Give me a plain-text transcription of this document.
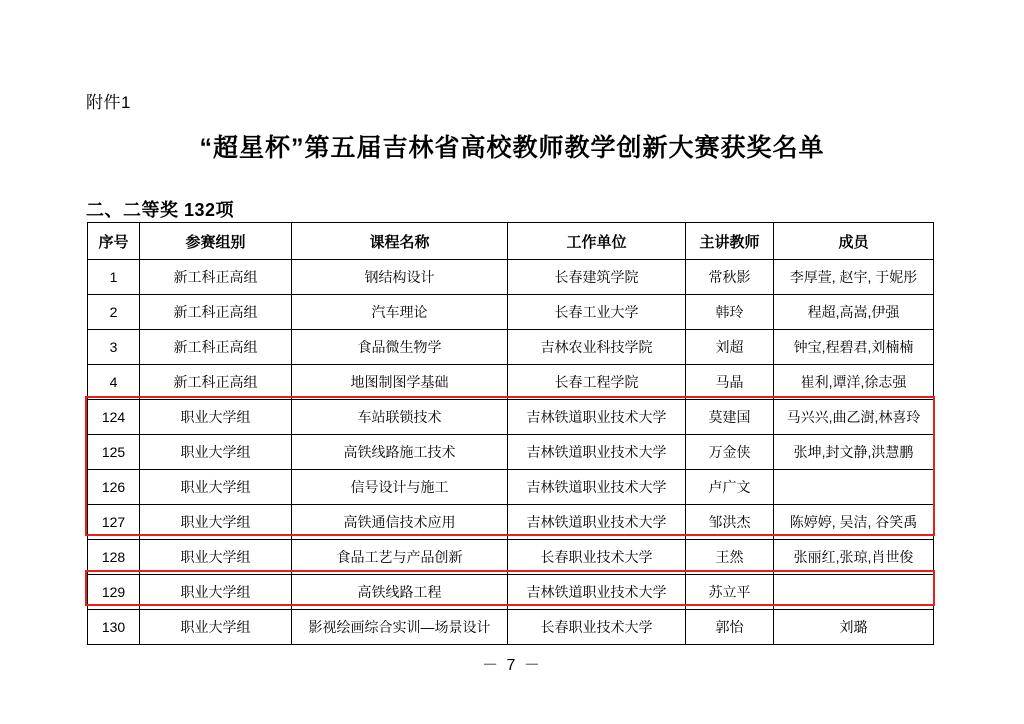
附件1
“超星杯”第五届吉林省高校教师教学创新大赛获奖名单
二、二等奖 132项
序号	参赛组别	课程名称	工作单位	主讲教师	成员
1	新工科正高组	钢结构设计	长春建筑学院	常秋影	李厚萱, 赵宇, 于妮彤
2	新工科正高组	汽车理论	长春工业大学	韩玲	程超,高嵩,伊强
3	新工科正高组	食品微生物学	吉林农业科技学院	刘超	钟宝,程碧君,刘楠楠
4	新工科正高组	地图制图学基础	长春工程学院	马晶	崔利,谭洋,徐志强
124	职业大学组	车站联锁技术	吉林铁道职业技术大学	莫建国	马兴兴,曲乙澍,林喜玲
125	职业大学组	高铁线路施工技术	吉林铁道职业技术大学	万金侠	张坤,封文静,洪慧鹏
126	职业大学组	信号设计与施工	吉林铁道职业技术大学	卢广文	
127	职业大学组	高铁通信技术应用	吉林铁道职业技术大学	邹洪杰	陈婷婷, 吴洁, 谷笑禹
128	职业大学组	食品工艺与产品创新	长春职业技术大学	王然	张丽红,张琼,肖世俊
129	职业大学组	高铁线路工程	吉林铁道职业技术大学	苏立平	
130	职业大学组	影视绘画综合实训—场景设计	长春职业技术大学	郭怡	刘璐
－ 7 －
